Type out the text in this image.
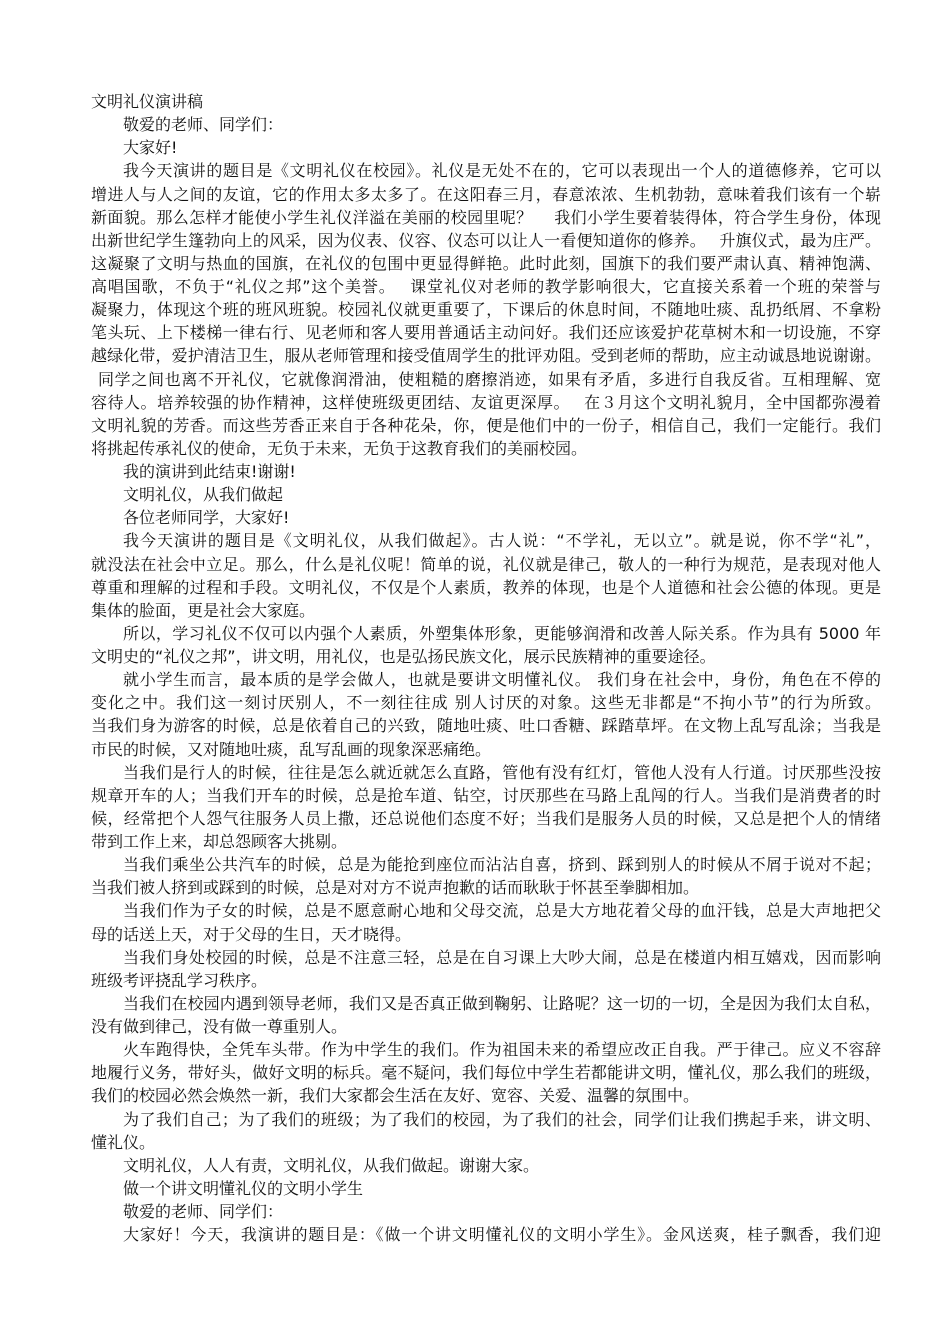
文明礼仪演讲稿
敬爱的老师、同学们：
大家好!
我今天演讲的题目是《文明礼仪在校园》。礼仪是无处不在的，它可以表现出一个人的道德修养，它可以
增进人与人之间的友谊，它的作用太多太多了。在这阳春三月，春意浓浓、生机勃勃，意味着我们该有一个崭
新面貌。那么怎样才能使小学生礼仪洋溢在美丽的校园里呢？　 我们小学生要着装得体，符合学生身份，体现
出新世纪学生篷勃向上的风采，因为仪表、仪容、仪态可以让人一看便知道你的修养。　 升旗仪式，最为庄严。
这凝聚了文明与热血的国旗，在礼仪的包围中更显得鲜艳。此时此刻，国旗下的我们要严肃认真、精神饱满、
高唱国歌，不负于“礼仪之邦”这个美誉。　 课堂礼仪对老师的教学影响很大，它直接关系着一个班的荣誉与
凝聚力，体现这个班的班风班貌。校园礼仪就更重要了，下课后的休息时间，不随地吐痰、乱扔纸屑、不拿粉
笔头玩、上下楼梯一律右行、见老师和客人要用普通话主动问好。我们还应该爱护花草树木和一切设施，不穿
越绿化带，爱护清洁卫生，服从老师管理和接受值周学生的批评劝阻。受到老师的帮助，应主动诚恳地说谢谢。
同学之间也离不开礼仪，它就像润滑油，使粗糙的磨擦消迹，如果有矛盾，多进行自我反省。互相理解、宽
容待人。培养较强的协作精神，这样使班级更团结、友谊更深厚。　 在３月这个文明礼貌月，全中国都弥漫着
文明礼貌的芳香。而这些芳香正来自于各种花朵，你，便是他们中的一份子，相信自己，我们一定能行。我们
将挑起传承礼仪的使命，无负于未来，无负于这教育我们的美丽校园。
我的演讲到此结束!谢谢!
文明礼仪，从我们做起
各位老师同学，大家好!
我今天演讲的题目是《文明礼仪，从我们做起》。古人说：“不学礼，无以立”。就是说，你不学“礼”，
就没法在社会中立足。那么，什么是礼仪呢！简单的说，礼仪就是律己，敬人的一种行为规范，是表现对他人
尊重和理解的过程和手段。文明礼仪，不仅是个人素质，教养的体现，也是个人道德和社会公德的体现。更是
集体的脸面，更是社会大家庭。
所以，学习礼仪不仅可以内强个人素质，外塑集体形象，更能够润滑和改善人际关系。作为具有 5000 年
文明史的“礼仪之邦”，讲文明，用礼仪，也是弘扬民族文化，展示民族精神的重要途径。
就小学生而言，最本质的是学会做人，也就是要讲文明懂礼仪。 我们身在社会中，身份，角色在不停的
变化之中。我们这一刻讨厌别人，不一刻往往成 别人讨厌的对象。这些无非都是“不拘小节”的行为所致。
当我们身为游客的时候，总是依着自己的兴致，随地吐痰、吐口香糖、踩踏草坪。在文物上乱写乱涂；当我是
市民的时候，又对随地吐痰，乱写乱画的现象深恶痛绝。
当我们是行人的时候，往往是怎么就近就怎么直路，管他有没有红灯，管他人没有人行道。讨厌那些没按
规章开车的人；当我们开车的时候，总是抢车道、钻空，讨厌那些在马路上乱闯的行人。当我们是消费者的时
候，经常把个人怨气往服务人员上撒，还总说他们态度不好；当我们是服务人员的时候，又总是把个人的情绪
带到工作上来，却总怨顾客大挑剔。
当我们乘坐公共汽车的时候，总是为能抢到座位而沾沾自喜，挤到、踩到别人的时候从不屑于说对不起；
当我们被人挤到或踩到的时候，总是对对方不说声抱歉的话而耿耿于怀甚至拳脚相加。
当我们作为子女的时候，总是不愿意耐心地和父母交流，总是大方地花着父母的血汗钱，总是大声地把父
母的话送上天，对于父母的生日，天才晓得。
当我们身处校园的时候，总是不注意三轻，总是在自习课上大吵大闹，总是在楼道内相互嬉戏，因而影响
班级考评挠乱学习秩序。
当我们在校园内遇到领导老师，我们又是否真正做到鞠躬、让路呢？这一切的一切，全是因为我们太自私，
没有做到律己，没有做一尊重别人。
火车跑得快，全凭车头带。作为中学生的我们。作为祖国未来的希望应改正自我。严于律己。应义不容辞
地履行义务，带好头，做好文明的标兵。毫不疑问，我们每位中学生若都能讲文明，懂礼仪，那么我们的班级，
我们的校园必然会焕然一新，我们大家都会生活在友好、宽容、关爱、温馨的氛围中。
为了我们自己；为了我们的班级；为了我们的校园，为了我们的社会，同学们让我们携起手来，讲文明、
懂礼仪。
文明礼仪，人人有责，文明礼仪，从我们做起。谢谢大家。
做一个讲文明懂礼仪的文明小学生
敬爱的老师、同学们：
大家好！今天，我演讲的题目是：《做一个讲文明懂礼仪的文明小学生》。金风送爽，桂子飘香，我们迎
